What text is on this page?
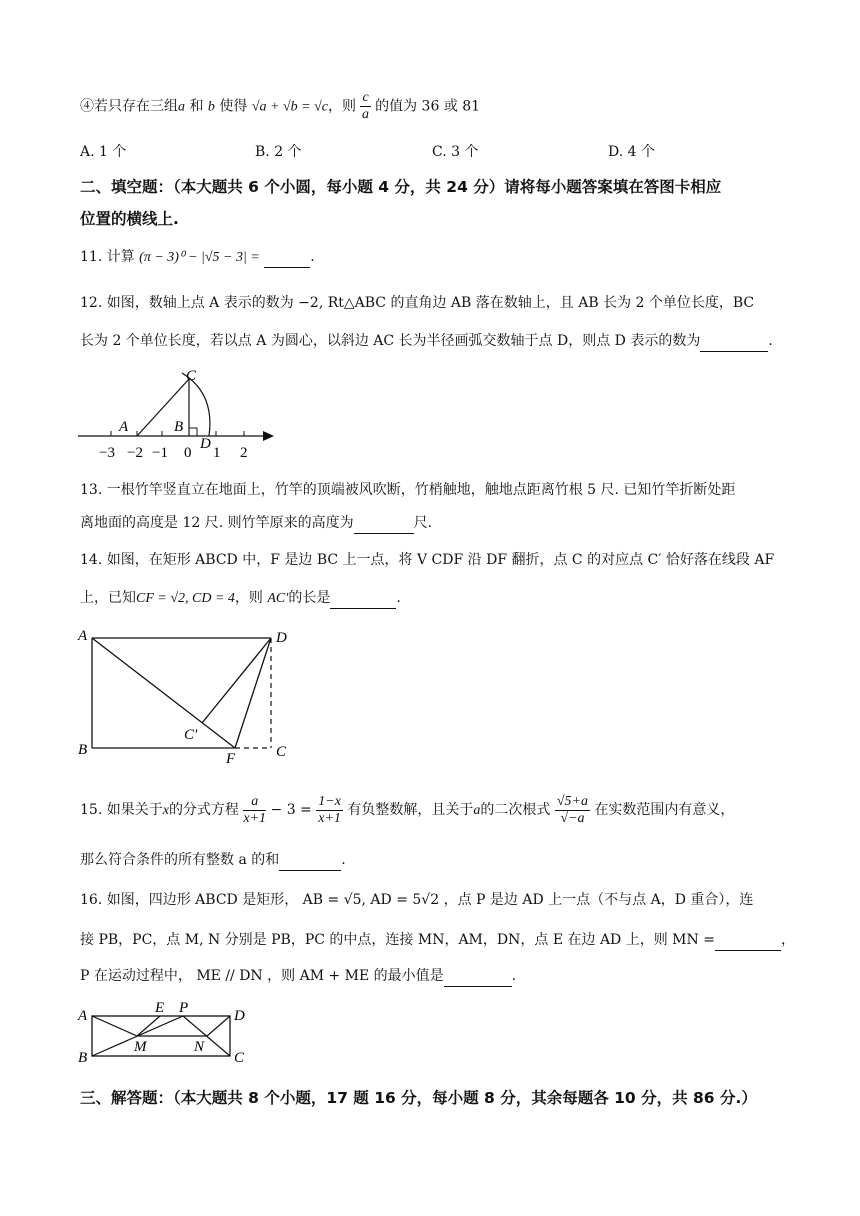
④若只存在三组a 和 b 使得 √a + √b = √c，则 $\frac{c}{a}$ 的值为 36 或 81
A. 1 个	B. 2 个	C. 3 个	D. 4 个
二、填空题：（本大题共 6 个小圆，每小题 4 分，共 24 分）请将每小题答案填在答图卡相应
位置的横线上.
11. 计算 (π − 3)⁰ − |√5 − 3| =	.
12. 如图，数轴上点 A 表示的数为 −2, Rt△ABC 的直角边 AB 落在数轴上，且 AB 长为 2 个单位长度，BC
长为 2 个单位长度，若以点 A 为圆心，以斜边 AC 长为半径画弧交数轴于点 D，则点 D 表示的数为	.
C
A	B
D
−3 −2 −1 0 1 2
13. 一根竹竿竖直立在地面上，竹竿的顶端被风吹断，竹梢触地，触地点距离竹根 5 尺. 已知竹竿折断处距
离地面的高度是 12 尺. 则竹竿原来的高度为	尺.
14. 如图，在矩形 ABCD 中，F 是边 BC 上一点，将 V CDF 沿 DF 翻折，点 C 的对应点 C′ 恰好落在线段 AF
上，已知CF = √2, CD = 4，则 AC′的长是	.
A	D
B	C
F
C′
15. 如果关于x的分式方程 $\frac{a}{x+1} - 3 = \frac{1-x}{x+1}$ 有负整数解，且关于a的二次根式 $\frac{√5+a}{√-a}$ 在实数范围内有意义，
那么符合条件的所有整数 a 的和	.
16. 如图，四边形 ABCD 是矩形， AB = √5, AD = 5√2 ，点 P 是边 AD 上一点（不与点 A，D 重合），连
接 PB，PC，点 M, N 分别是 PB，PC 的中点，连接 MN，AM，DN，点 E 在边 AD 上，则 MN =	，
P 在运动过程中， ME // DN ，则 AM + ME 的最小值是	.
A	E P	D
B
M	N
C
三、解答题：（本大题共 8 个小题，17 题 16 分，每小题 8 分，其余每题各 10 分，共 86 分.）
